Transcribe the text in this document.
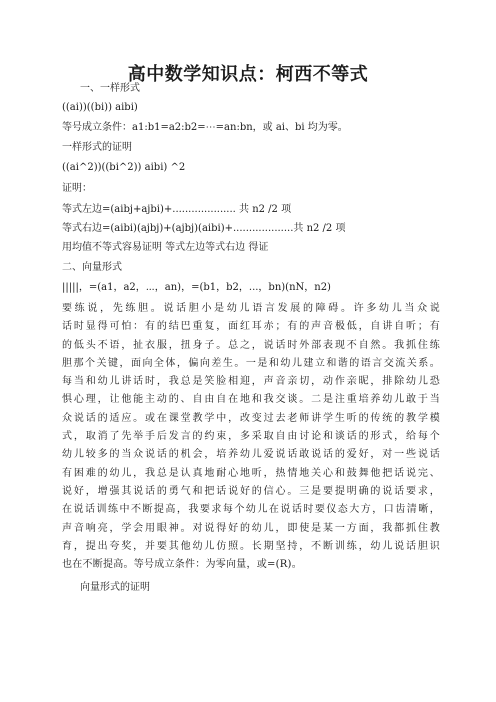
高中数学知识点：柯西不等式
一、一样形式
((ai))((bi)) aibi)
等号成立条件：a1:b1=a2:b2=⋯=an:bn，或 ai、bi 均为零。
一样形式的证明
((ai^2))((bi^2)) aibi) ^2
证明：
等式左边=(aibj+ajbi)+.................... 共 n2 /2 项
等式右边=(aibi)(ajbj)+(ajbj)(aibi)+...................共 n2 /2 项
用均值不等式容易证明 等式左边等式右边 得证
二、向量形式
|||||，=(a1，a2，⋯，an)，=(b1，b2，...，bn)(nN，n2)
要练说，先练胆。说话胆小是幼儿语言发展的障碍。许多幼儿当众说
话时显得可怕：有的结巴重复，面红耳赤；有的声音极低，自讲自听；有
的低头不语，扯衣服，扭身子。总之，说话时外部表现不自然。我抓住练
胆那个关键，面向全体，偏向差生。一是和幼儿建立和谐的语言交流关系。
每当和幼儿讲话时，我总是笑脸相迎，声音亲切，动作亲昵，排除幼儿恐
惧心理，让他能主动的、自由自在地和我交谈。二是注重培养幼儿敢于当
众说话的适应。或在课堂教学中，改变过去老师讲学生听的传统的教学模
式，取消了先举手后发言的约束，多采取自由讨论和谈话的形式，给每个
幼儿较多的当众说话的机会，培养幼儿爱说话敢说话的爱好，对一些说话
有困难的幼儿，我总是认真地耐心地听，热情地关心和鼓舞他把话说完、
说好，增强其说话的勇气和把话说好的信心。三是要提明确的说话要求，
在说话训练中不断提高，我要求每个幼儿在说话时要仪态大方，口齿清晰，
声音响亮，学会用眼神。对说得好的幼儿，即使是某一方面，我都抓住教
育，提出夸奖，并要其他幼儿仿照。长期坚持，不断训练，幼儿说话胆识
也在不断提高。等号成立条件：为零向量，或=(R)。
向量形式的证明
